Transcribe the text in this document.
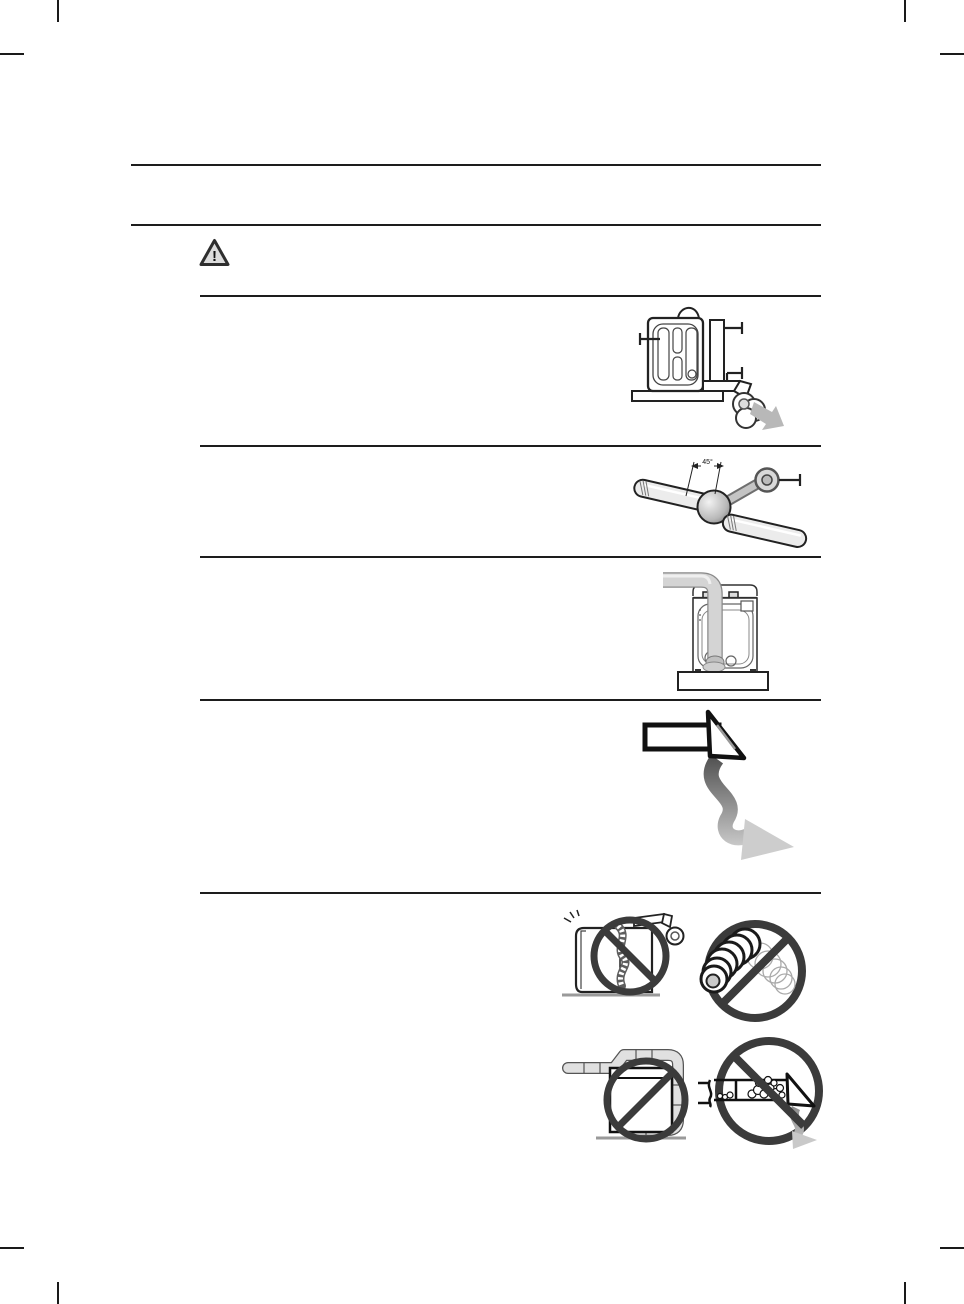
!
45°
